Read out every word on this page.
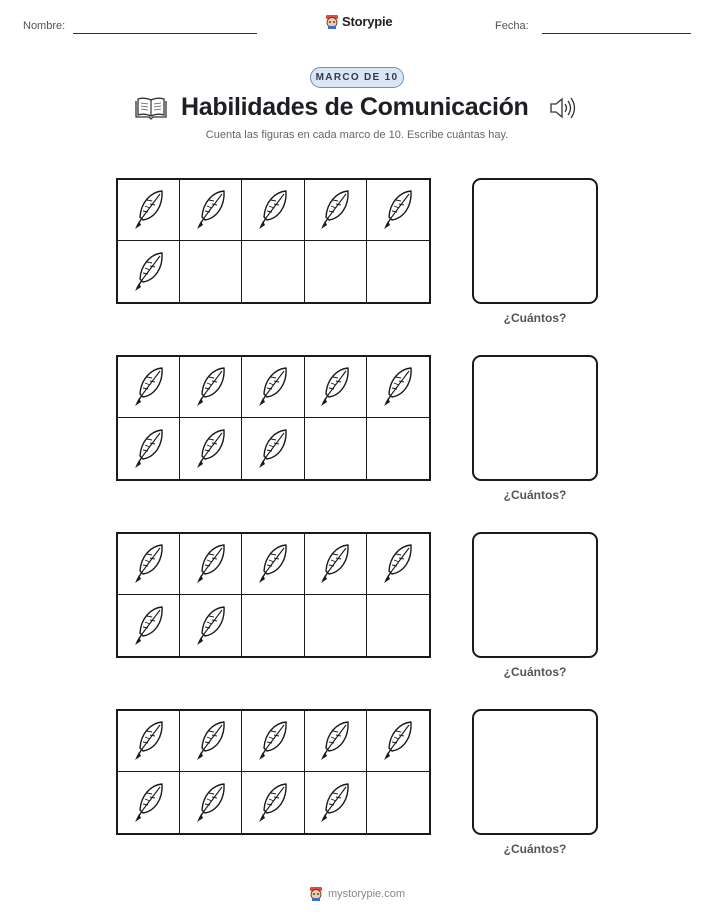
Nombre:	Storypie	Fecha:
MARCO DE 10
Habilidades de Comunicación
Cuenta las figuras en cada marco de 10. Escribe cuántas hay.
¿Cuántos?
¿Cuántos?
¿Cuántos?
¿Cuántos?
mystorypie.com
